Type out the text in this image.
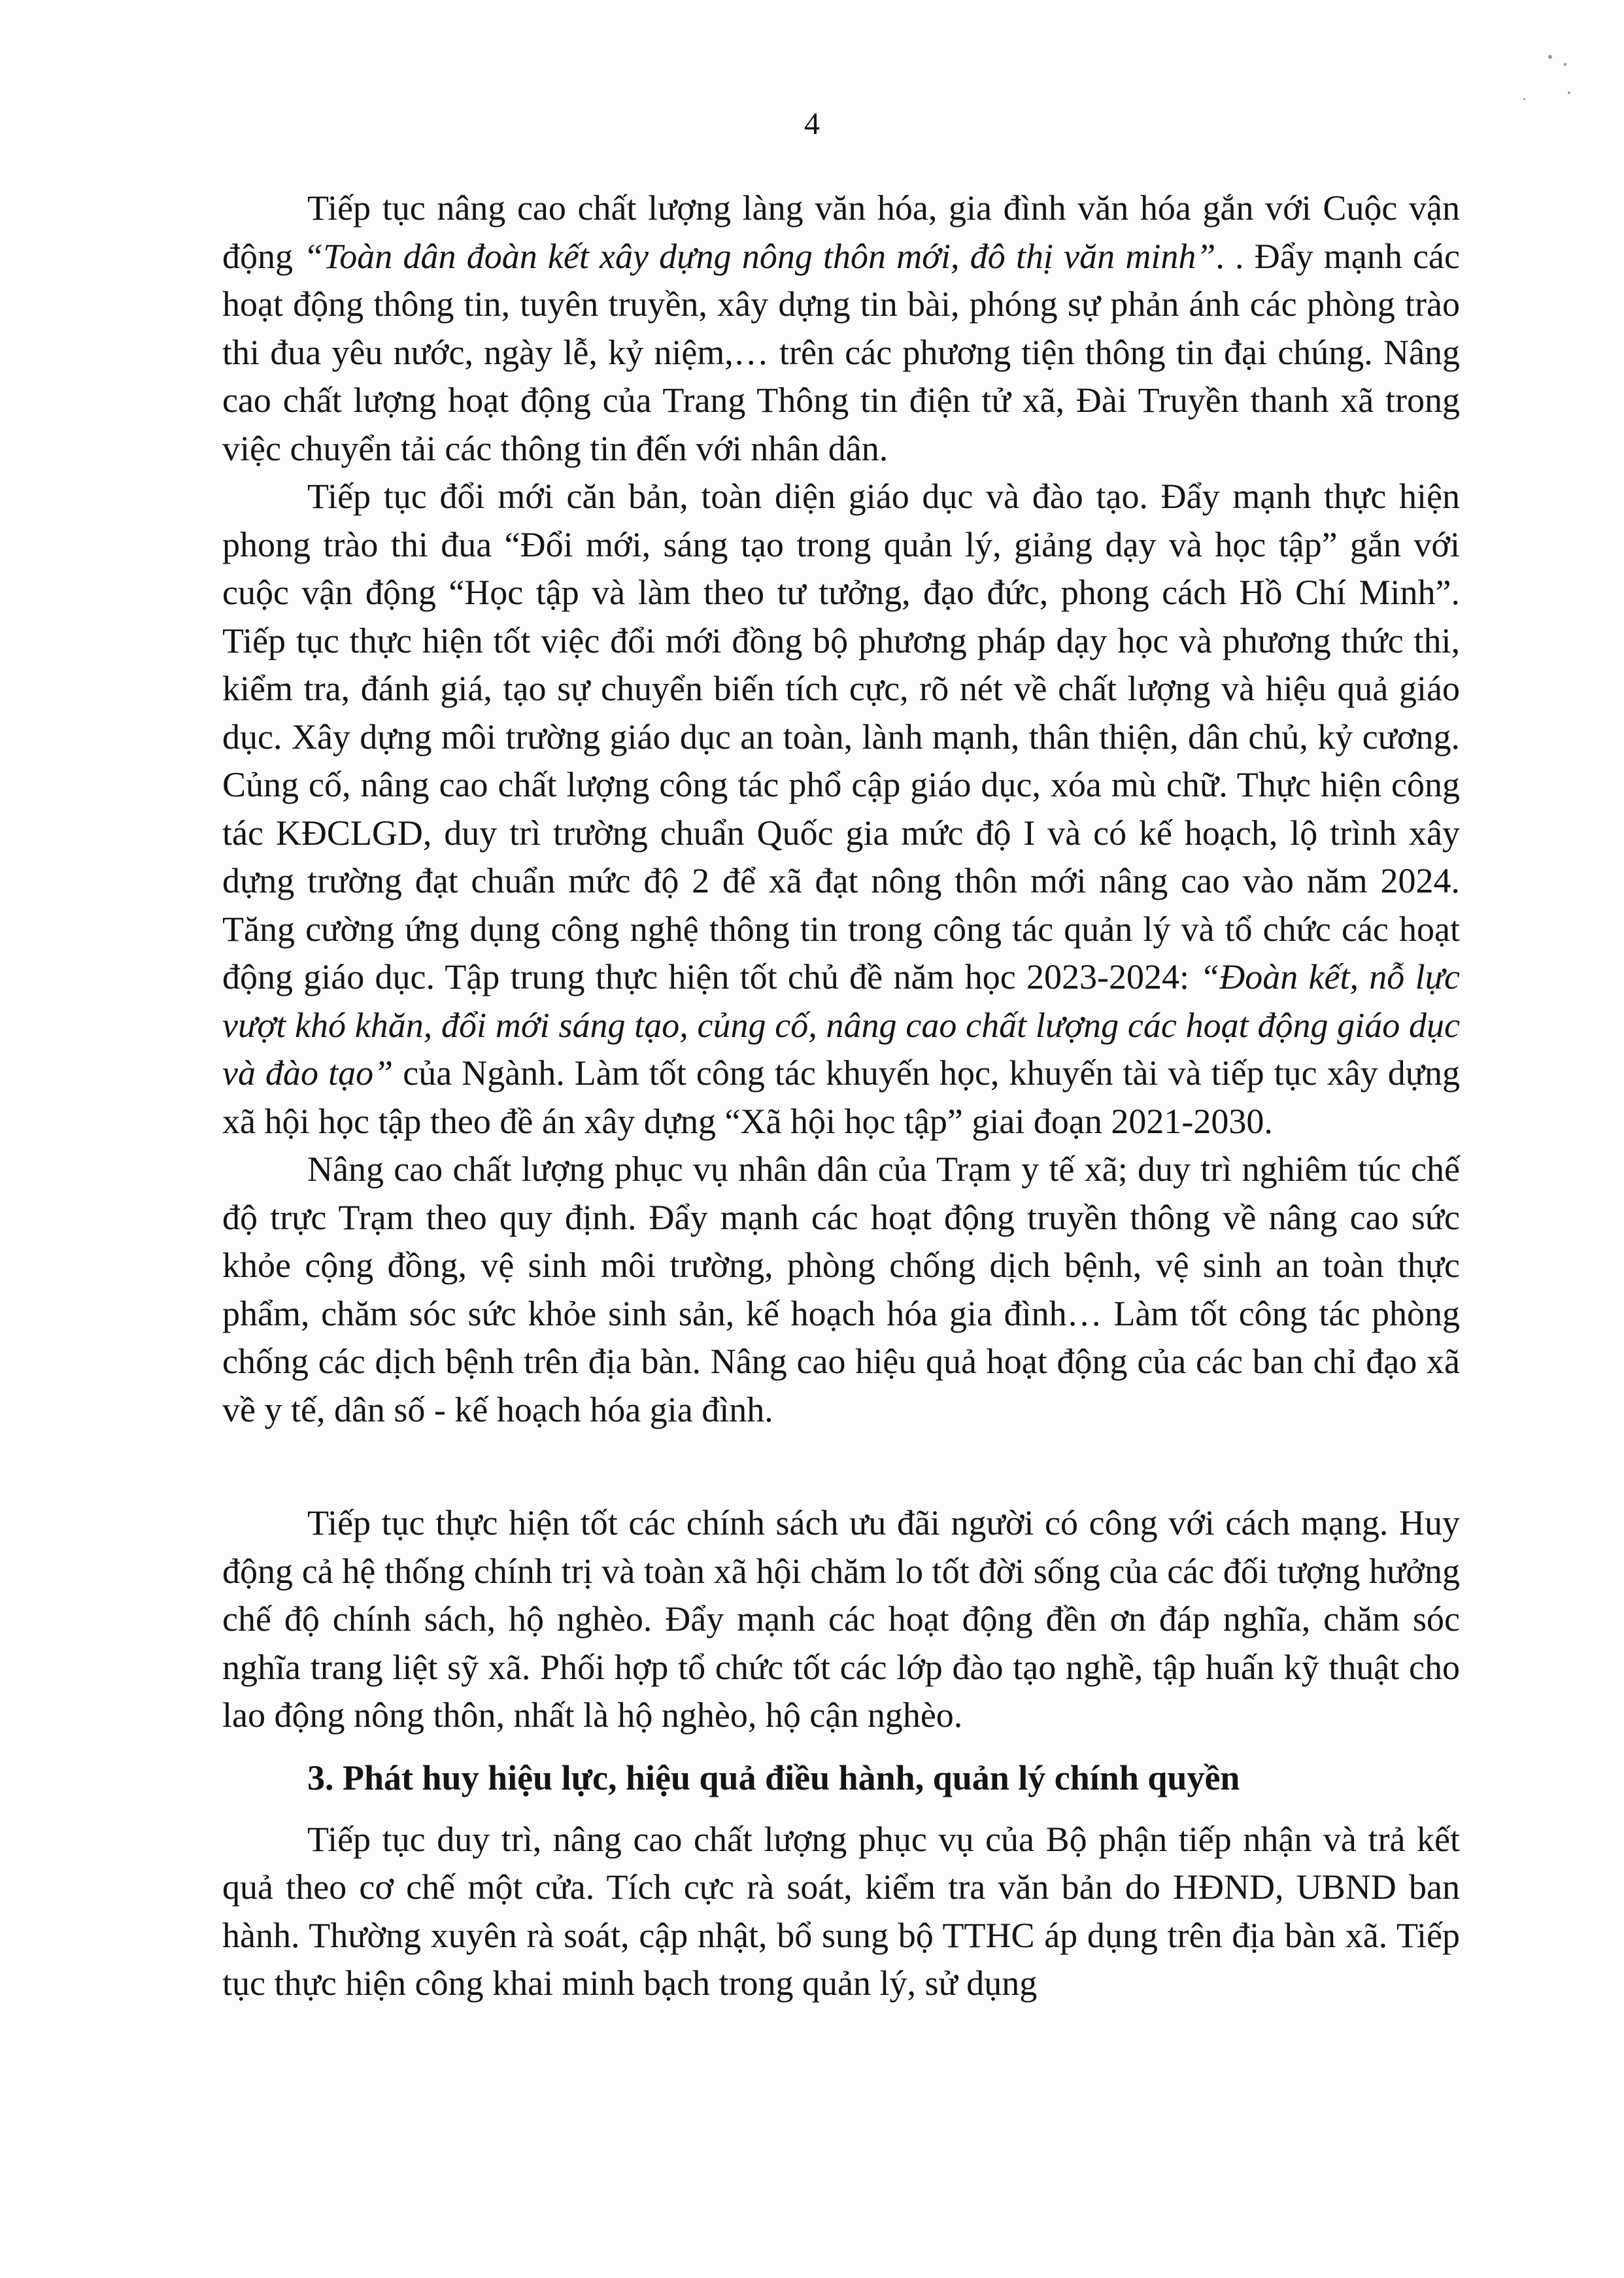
4

Tiếp tục nâng cao chất lượng làng văn hóa, gia đình văn hóa gắn với Cuộc vận động “Toàn dân đoàn kết xây dựng nông thôn mới, đô thị văn minh”. . Đẩy mạnh các hoạt động thông tin, tuyên truyền, xây dựng tin bài, phóng sự phản ánh các phòng trào thi đua yêu nước, ngày lễ, kỷ niệm,… trên các phương tiện thông tin đại chúng. Nâng cao chất lượng hoạt động của Trang Thông tin điện tử xã, Đài Truyền thanh xã trong việc chuyển tải các thông tin đến với nhân dân.

Tiếp tục đổi mới căn bản, toàn diện giáo dục và đào tạo. Đẩy mạnh thực hiện phong trào thi đua “Đổi mới, sáng tạo trong quản lý, giảng dạy và học tập” gắn với cuộc vận động “Học tập và làm theo tư tưởng, đạo đức, phong cách Hồ Chí Minh”. Tiếp tục thực hiện tốt việc đổi mới đồng bộ phương pháp dạy học và phương thức thi, kiểm tra, đánh giá, tạo sự chuyển biến tích cực, rõ nét về chất lượng và hiệu quả giáo dục. Xây dựng môi trường giáo dục an toàn, lành mạnh, thân thiện, dân chủ, kỷ cương. Củng cố, nâng cao chất lượng công tác phổ cập giáo dục, xóa mù chữ. Thực hiện công tác KĐCLGD, duy trì trường chuẩn Quốc gia mức độ I và có kế hoạch, lộ trình xây dựng trường đạt chuẩn mức độ 2 để xã đạt nông thôn mới nâng cao vào năm 2024. Tăng cường ứng dụng công nghệ thông tin trong công tác quản lý và tổ chức các hoạt động giáo dục. Tập trung thực hiện tốt chủ đề năm học 2023-2024: “Đoàn kết, nỗ lực vượt khó khăn, đổi mới sáng tạo, củng cố, nâng cao chất lượng các hoạt động giáo dục và đào tạo” của Ngành. Làm tốt công tác khuyến học, khuyến tài và tiếp tục xây dựng xã hội học tập theo đề án xây dựng “Xã hội học tập” giai đoạn 2021-2030.

Nâng cao chất lượng phục vụ nhân dân của Trạm y tế xã; duy trì nghiêm túc chế độ trực Trạm theo quy định. Đẩy mạnh các hoạt động truyền thông về nâng cao sức khỏe cộng đồng, vệ sinh môi trường, phòng chống dịch bệnh, vệ sinh an toàn thực phẩm, chăm sóc sức khỏe sinh sản, kế hoạch hóa gia đình… Làm tốt công tác phòng chống các dịch bệnh trên địa bàn. Nâng cao hiệu quả hoạt động của các ban chỉ đạo xã về y tế, dân số - kế hoạch hóa gia đình.

Tiếp tục thực hiện tốt các chính sách ưu đãi người có công với cách mạng. Huy động cả hệ thống chính trị và toàn xã hội chăm lo tốt đời sống của các đối tượng hưởng chế độ chính sách, hộ nghèo. Đẩy mạnh các hoạt động đền ơn đáp nghĩa, chăm sóc nghĩa trang liệt sỹ xã. Phối hợp tổ chức tốt các lớp đào tạo nghề, tập huấn kỹ thuật cho lao động nông thôn, nhất là hộ nghèo, hộ cận nghèo.

3. Phát huy hiệu lực, hiệu quả điều hành, quản lý chính quyền

Tiếp tục duy trì, nâng cao chất lượng phục vụ của Bộ phận tiếp nhận và trả kết quả theo cơ chế một cửa. Tích cực rà soát, kiểm tra văn bản do HĐND, UBND ban hành. Thường xuyên rà soát, cập nhật, bổ sung bộ TTHC áp dụng trên địa bàn xã. Tiếp tục thực hiện công khai minh bạch trong quản lý, sử dụng
